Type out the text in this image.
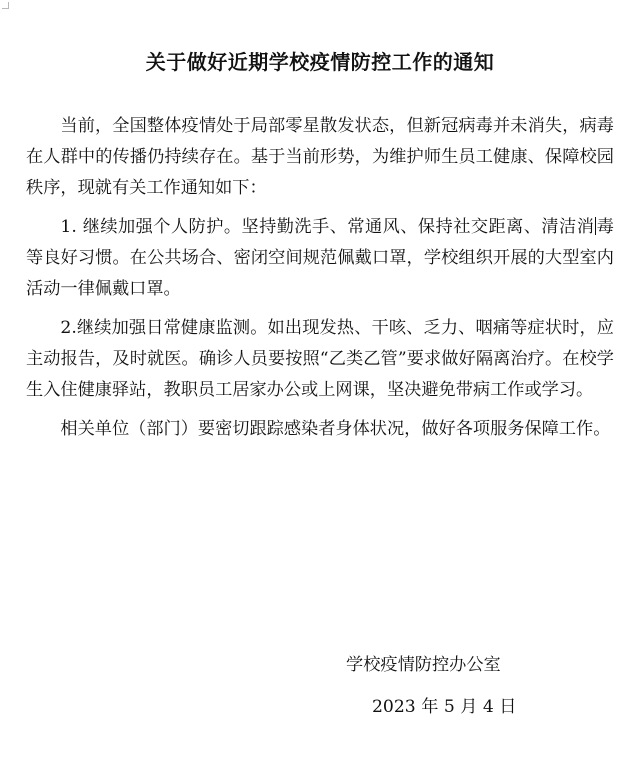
关于做好近期学校疫情防控工作的通知

当前，全国整体疫情处于局部零星散发状态，但新冠病毒并未消失，病毒在人群中的传播仍持续存在。基于当前形势，为维护师生员工健康、保障校园秩序，现就有关工作通知如下：

1. 继续加强个人防护。坚持勤洗手、常通风、保持社交距离、清洁消 毒等良好习惯。在公共场合、密闭空间规范佩戴口罩，学校组织开展的大型室内活动一律佩戴口罩。

2.继续加强日常健康监测。如出现发热、干咳、乏力、咽痛等症状时，应主动报告，及时就医。确诊人员要按照“乙类乙管”要求做好隔离治疗。在校学生入住健康驿站，教职员工居家办公或上网课，坚决避免带病工作或学习。

相关单位（部门）要密切跟踪感染者身体状况，做好各项服务保障工作。

学校疫情防控办公室
2023 年 5 月 4 日
